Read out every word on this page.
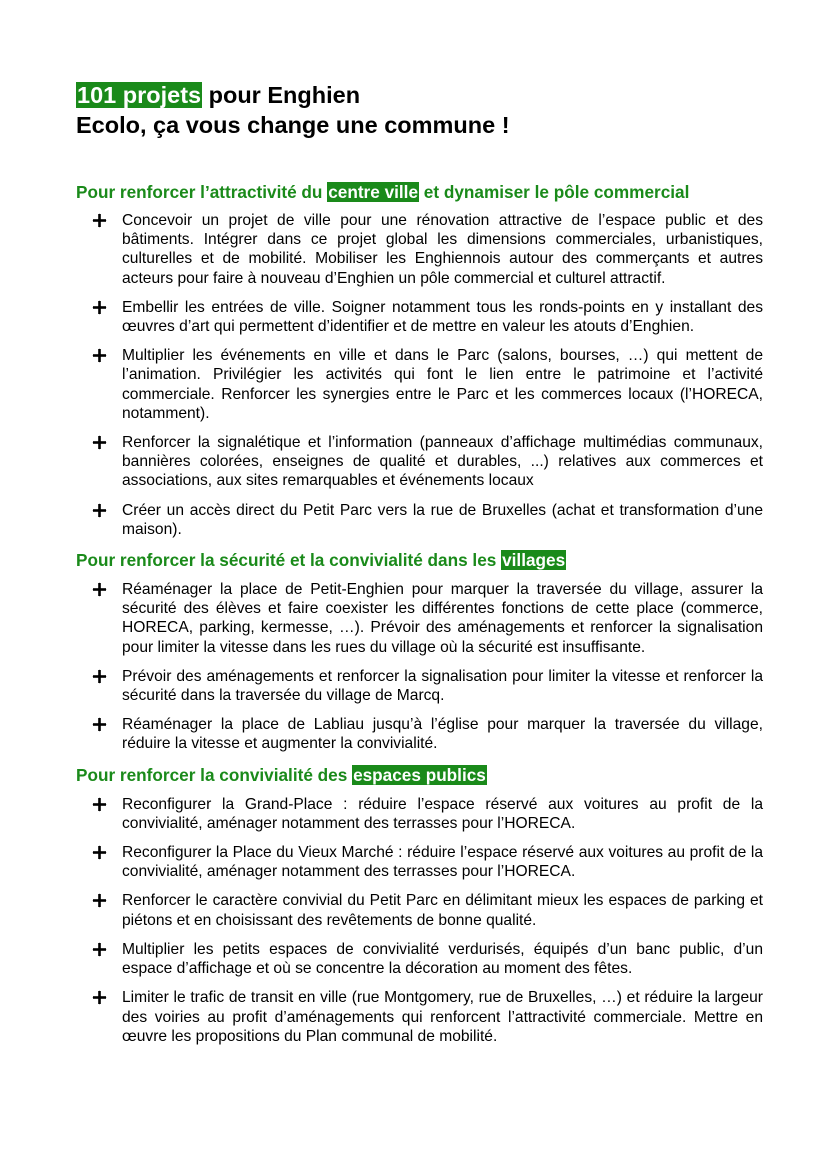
101 projets pour Enghien
Ecolo, ça vous change une commune !
Pour renforcer l’attractivité du centre ville et dynamiser le pôle commercial
Concevoir un projet de ville pour une rénovation attractive de l’espace public et des bâtiments. Intégrer dans ce projet global les dimensions commerciales, urbanistiques, culturelles et de mobilité. Mobiliser les Enghiennois autour des commerçants et autres acteurs pour faire à nouveau d’Enghien un pôle commercial et culturel attractif.
Embellir les entrées de ville. Soigner notamment tous les ronds-points en y installant des œuvres d’art qui permettent d’identifier et de mettre en valeur les atouts d’Enghien.
Multiplier les événements en ville et dans le Parc (salons, bourses, …) qui mettent de l’animation. Privilégier les activités qui font le lien entre le patrimoine et l’activité commerciale. Renforcer les synergies entre le Parc et les commerces locaux (l’HORECA, notamment).
Renforcer la signalétique et l’information (panneaux d’affichage multimédias communaux, bannières colorées, enseignes de qualité et durables, ...) relatives aux commerces et associations, aux sites remarquables et événements locaux
Créer un accès direct du Petit Parc vers la rue de Bruxelles (achat et transformation d’une maison).
Pour renforcer la sécurité et la convivialité dans les villages
Réaménager la place de Petit-Enghien pour marquer la traversée du village, assurer la sécurité des élèves et faire coexister les différentes fonctions de cette place (commerce, HORECA, parking, kermesse, …). Prévoir des aménagements et renforcer la signalisation pour limiter la vitesse dans les rues du village où la sécurité est insuffisante.
Prévoir des aménagements et renforcer la signalisation pour limiter la vitesse et renforcer la sécurité dans la traversée du village de Marcq.
Réaménager la place de Labliau jusqu’à l’église pour marquer la traversée du village, réduire la vitesse et augmenter la convivialité.
Pour renforcer la convivialité des espaces publics
Reconfigurer la Grand-Place : réduire l’espace réservé aux voitures au profit de la convivialité, aménager notamment des terrasses pour l’HORECA.
Reconfigurer la Place du Vieux Marché : réduire l’espace réservé aux voitures au profit de la convivialité, aménager notamment des terrasses pour l’HORECA.
Renforcer le caractère convivial du Petit Parc en délimitant mieux les espaces de parking et piétons et en choisissant des revêtements de bonne qualité.
Multiplier les petits espaces de convivialité verdurisés, équipés d’un banc public, d’un espace d’affichage et où se concentre la décoration au moment des fêtes.
Limiter le trafic de transit en ville (rue Montgomery, rue de Bruxelles, …) et réduire la largeur des voiries au profit d’aménagements qui renforcent l’attractivité commerciale. Mettre en œuvre les propositions du Plan communal de mobilité.
